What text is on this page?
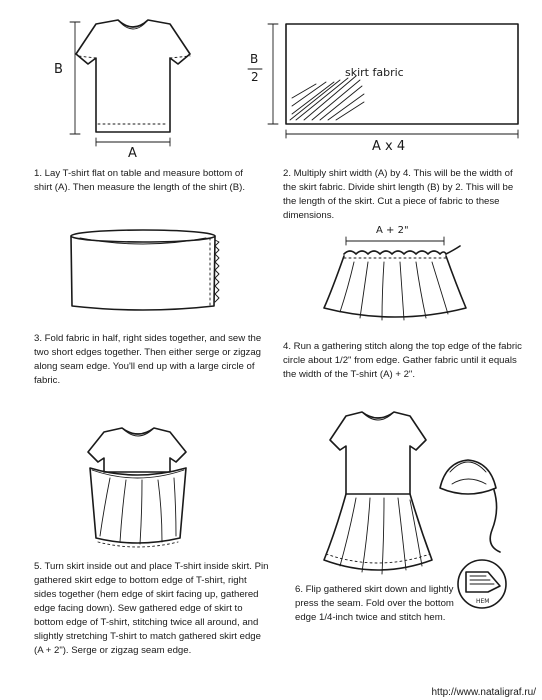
B
A
B
2	skirt fabric
A x 4
A + 2"
HEM

1. Lay T-shirt flat on table and measure bottom of shirt (A). Then measure the length of the shirt (B).

2. Multiply shirt width (A) by 4. This will be the width of the skirt fabric. Divide shirt length (B) by 2. This will be the length of the skirt. Cut a piece of fabric to these dimensions.

3. Fold fabric in half, right sides together, and sew the two short edges together. Then either serge or zigzag along seam edge. You'll end up with a large circle of fabric.

4. Run a gathering stitch along the top edge of the fabric circle about 1/2" from edge. Gather fabric until it equals the width of the T-shirt (A) + 2".

5. Turn skirt inside out and place T-shirt inside skirt. Pin gathered skirt edge to bottom edge of T-shirt, right sides together (hem edge of skirt facing up, gathered edge facing down). Sew gathered edge of skirt to bottom edge of T-shirt, stitching twice all around, and slightly stretching T-shirt to match gathered skirt edge (A + 2"). Serge or zigzag seam edge.

6. Flip gathered skirt down and lightly press the seam. Fold over the bottom edge 1/4-inch twice and stitch hem.

http://www.nataligraf.ru/
